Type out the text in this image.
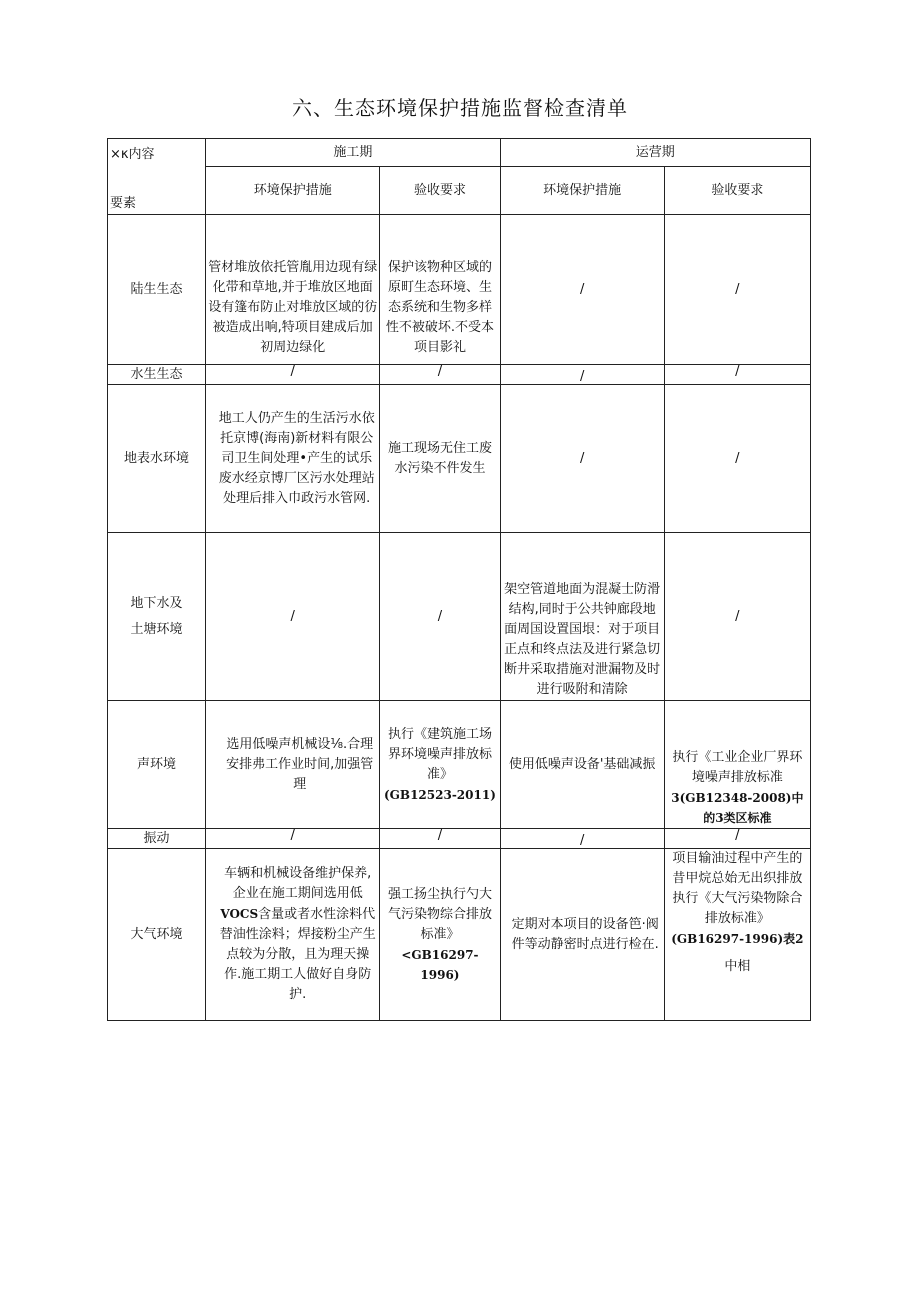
六、生态环境保护措施监督检查清单
×κ内容
要素	施工期		运营期	
	环境保护措施	验收要求	环境保护措施	验收要求
陆生生态	管材堆放依托管胤用边现有绿化带和草地,并于堆放区地面设有篷布防止对堆放区域的彷被造成出响,特项目建成后加初周边绿化	保护该物种区域的原町生态环境、生态系统和生物多样性不被破坏.不受本项目影礼	/	/
水生生态	/	/	/	/
地表水环境	地工人仍产生的生活污水依托京博(海南)新材料有限公司卫生间处理•产生的试乐废水经京博厂区污水处理站处理后排入巾政污水管网.	施工现场无住工废水污染不件发生	/	/

地下水及
土塘环境	/	/	架空管道地面为混凝士防滑结构,同时于公共钟廊段地面周国设置国垠：对于项目正点和终点法及进行紧急切断井采取措施对泄漏物及时进行吸附和清除	/
声环境	选用低噪声机械设⅛.合理安排弗工作业时间,加强管理	执行《建筑施工场界环境噪声排放标准》
(GB12523-2011)	使用低噪声设备'基础减振	执行《工业企业厂界环境噪声排放标准
3(GB12348-2008)中的3类区标准

振动	/	/	/	/
大气环境	车辆和机械设备维护保养,企业在施工期间选用低VOCS含量或者水性涂料代替油性涂料；焊接粉尘产生点较为分散，且为理天操作.施工期工人做好自身防护.	强工扬尘执行勺大气污染物综合排放标准》
<GB16297-1996)	定期对本项目的设备笆·阀件等动静密时点进行检在.	项目输油过程中产生的昔甲烷总始无出织排放执行《大气污染物除合排放标准》
(GB16297-1996)表2
中相
